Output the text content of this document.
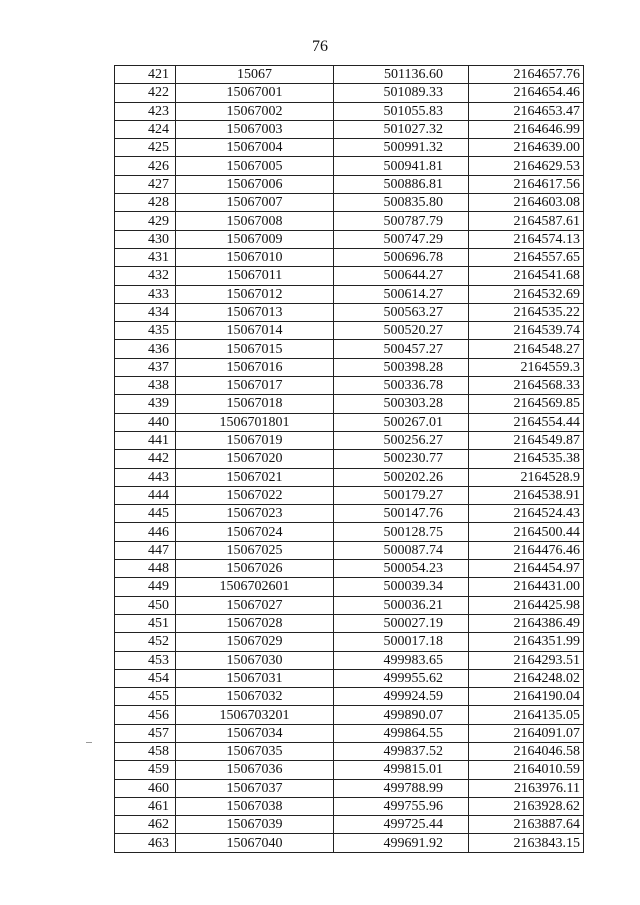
76
421	15067	501136.60	2164657.76
422	15067001	501089.33	2164654.46
423	15067002	501055.83	2164653.47
424	15067003	501027.32	2164646.99
425	15067004	500991.32	2164639.00
426	15067005	500941.81	2164629.53
427	15067006	500886.81	2164617.56
428	15067007	500835.80	2164603.08
429	15067008	500787.79	2164587.61
430	15067009	500747.29	2164574.13
431	15067010	500696.78	2164557.65
432	15067011	500644.27	2164541.68
433	15067012	500614.27	2164532.69
434	15067013	500563.27	2164535.22
435	15067014	500520.27	2164539.74
436	15067015	500457.27	2164548.27
437	15067016	500398.28	2164559.3
438	15067017	500336.78	2164568.33
439	15067018	500303.28	2164569.85
440	1506701801	500267.01	2164554.44
441	15067019	500256.27	2164549.87
442	15067020	500230.77	2164535.38
443	15067021	500202.26	2164528.9
444	15067022	500179.27	2164538.91
445	15067023	500147.76	2164524.43
446	15067024	500128.75	2164500.44
447	15067025	500087.74	2164476.46
448	15067026	500054.23	2164454.97
449	1506702601	500039.34	2164431.00
450	15067027	500036.21	2164425.98
451	15067028	500027.19	2164386.49
452	15067029	500017.18	2164351.99
453	15067030	499983.65	2164293.51
454	15067031	499955.62	2164248.02
455	15067032	499924.59	2164190.04
456	1506703201	499890.07	2164135.05
457	15067034	499864.55	2164091.07
458	15067035	499837.52	2164046.58
459	15067036	499815.01	2164010.59
460	15067037	499788.99	2163976.11
461	15067038	499755.96	2163928.62
462	15067039	499725.44	2163887.64
463	15067040	499691.92	2163843.15
